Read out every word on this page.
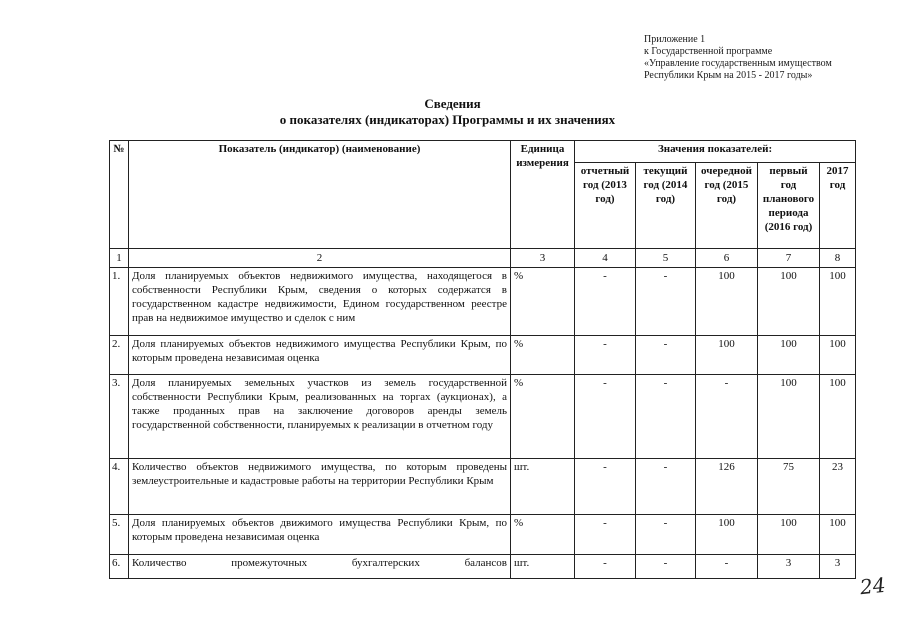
Приложение 1
к Государственной программе
«Управление государственным имуществом
Республики Крым на 2015 - 2017 годы»
Сведения
о показателях (индикаторах) Программы и их значениях
№	Показатель (индикатор) (наименование)	Единица измерения	Значения показателей:				
			отчетный год (2013 год)	текущий год (2014 год)	очередной год (2015 год)	первый год планового периода (2016 год)	2017 год
1	2	3	4	5	6	7	8
1.	Доля планируемых объектов недвижимого имущества, находящегося в собственности Республики Крым, сведения о которых содержатся в государственном кадастре недвижимости, Едином государственном реестре прав на недвижимое имущество и сделок с ним	%	-	-	100	100	100
2.	Доля планируемых объектов недвижимого имущества Республики Крым, по которым проведена независимая оценка	%	-	-	100	100	100
3.	Доля планируемых земельных участков из земель государственной собственности Республики Крым, реализованных на торгах (аукционах), а также проданных прав на заключение договоров аренды земель государственной собственности, планируемых к реализации в отчетном году	%	-	-	-	100	100
4.	Количество объектов недвижимого имущества, по которым проведены землеустроительные и кадастровые работы на территории Республики Крым	шт.	-	-	126	75	23
5.	Доля планируемых объектов движимого имущества Республики Крым, по которым проведена независимая оценка	%	-	-	100	100	100
6.	Количество промежуточных бухгалтерских балансов	шт.	-	-	-	3	3
24
